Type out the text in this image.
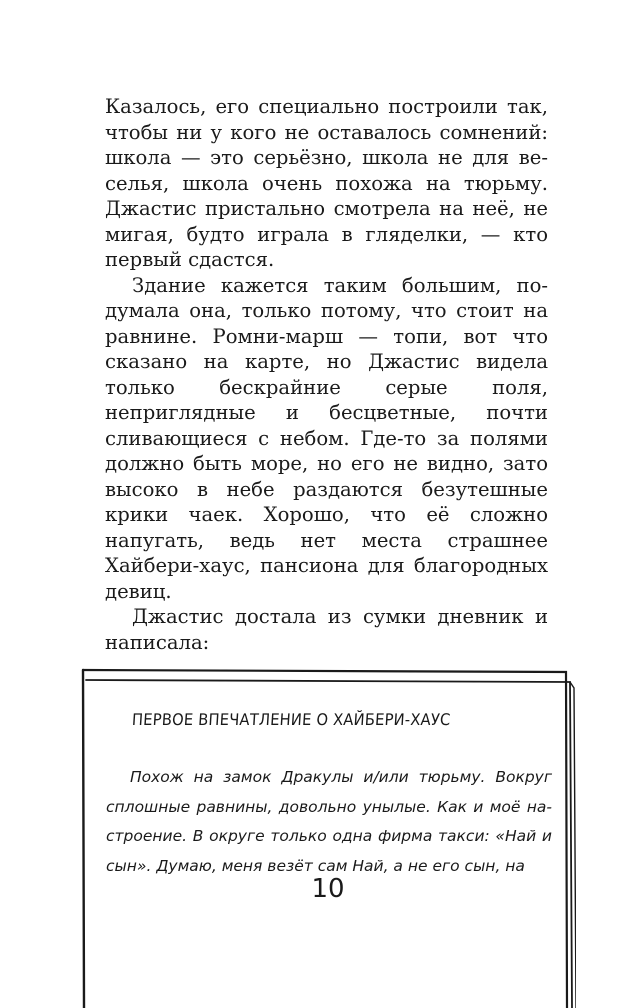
Казалось, его специально построили так, чтобы ни у кого не оставалось сомнений: школа — это серьёзно, школа не для веселья, школа очень похожа на тюрьму. Джастис пристально смотрела на неё, не мигая, будто играла в гляделки, — кто первый сдастся.

Здание кажется таким большим, подумала она, только потому, что стоит на равнине. Ромни-марш — топи, вот что сказано на карте, но Джастис видела только бескрайние серые поля, неприглядные и бесцветные, почти сливающиеся с небом. Где-то за полями должно быть море, но его не видно, зато высоко в небе раздаются безутешные крики чаек. Хорошо, что её сложно напугать, ведь нет места страшнее Хайбери-хаус, пансиона для благородных девиц.

Джастис достала из сумки дневник и написала:

ПЕРВОЕ ВПЕЧАТЛЕНИЕ О ХАЙБЕРИ-ХАУС
Похож на замок Дракулы и/или тюрьму. Вокруг сплошные равнины, довольно унылые. Как и моё настроение. В округе только одна фирма такси: «Най и сын». Думаю, меня везёт сам Най, а не его сын, на
10
